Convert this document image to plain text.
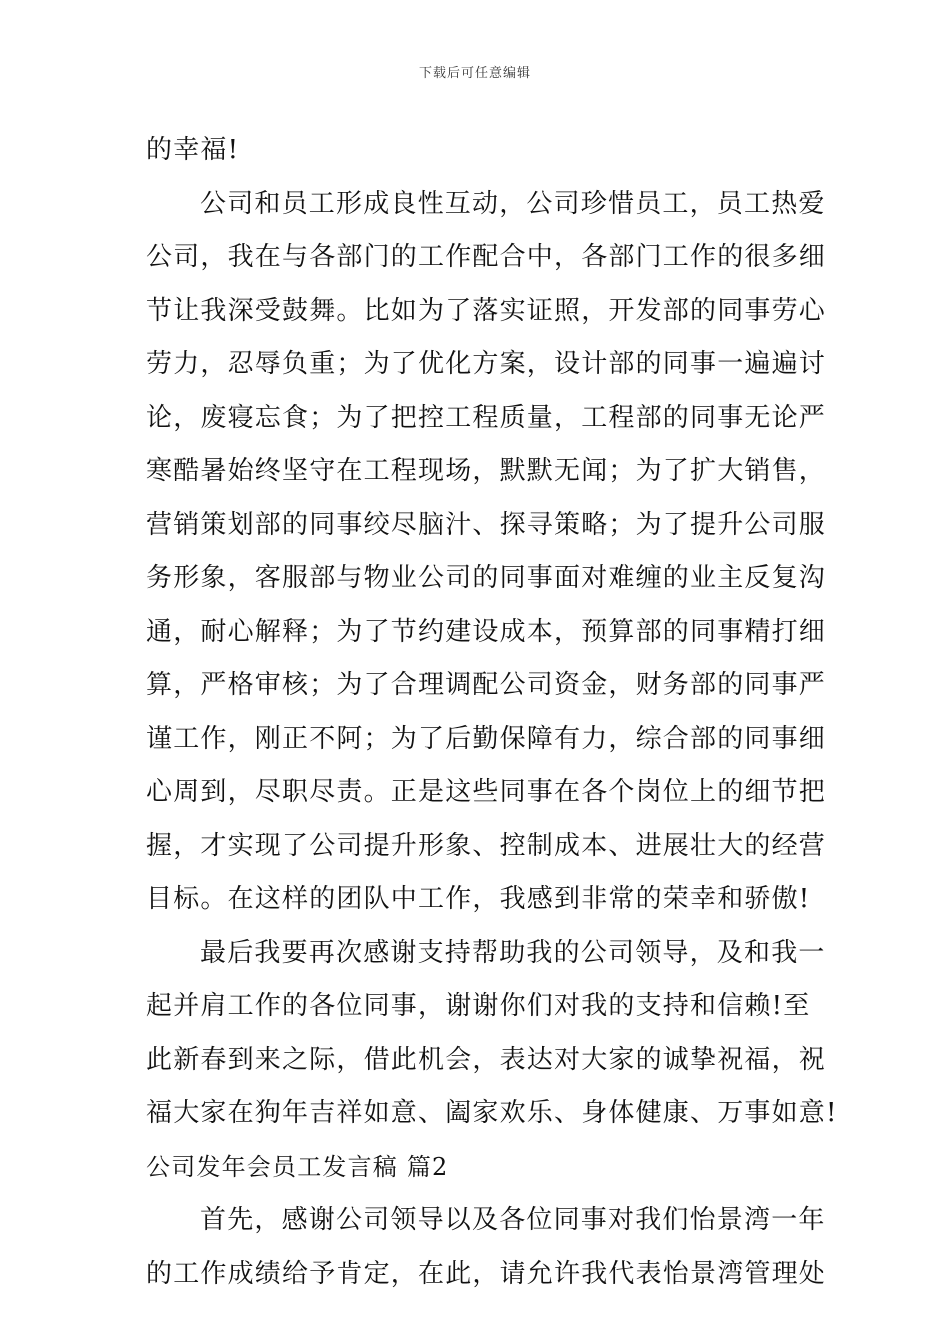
下载后可任意编辑
的幸福!
公司和员工形成良性互动，公司珍惜员工，员工热爱
公司，我在与各部门的工作配合中，各部门工作的很多细
节让我深受鼓舞。比如为了落实证照，开发部的同事劳心
劳力，忍辱负重；为了优化方案，设计部的同事一遍遍讨
论，废寝忘食；为了把控工程质量，工程部的同事无论严
寒酷暑始终坚守在工程现场，默默无闻；为了扩大销售，
营销策划部的同事绞尽脑汁、探寻策略；为了提升公司服
务形象，客服部与物业公司的同事面对难缠的业主反复沟
通，耐心解释；为了节约建设成本，预算部的同事精打细
算，严格审核；为了合理调配公司资金，财务部的同事严
谨工作，刚正不阿；为了后勤保障有力，综合部的同事细
心周到，尽职尽责。正是这些同事在各个岗位上的细节把
握，才实现了公司提升形象、控制成本、进展壮大的经营
目标。在这样的团队中工作，我感到非常的荣幸和骄傲!
最后我要再次感谢支持帮助我的公司领导，及和我一
起并肩工作的各位同事，谢谢你们对我的支持和信赖!至
此新春到来之际，借此机会，表达对大家的诚挚祝福，祝
福大家在狗年吉祥如意、阖家欢乐、身体健康、万事如意!
公司发年会员工发言稿 篇2
首先，感谢公司领导以及各位同事对我们怡景湾一年
的工作成绩给予肯定，在此，请允许我代表怡景湾管理处
